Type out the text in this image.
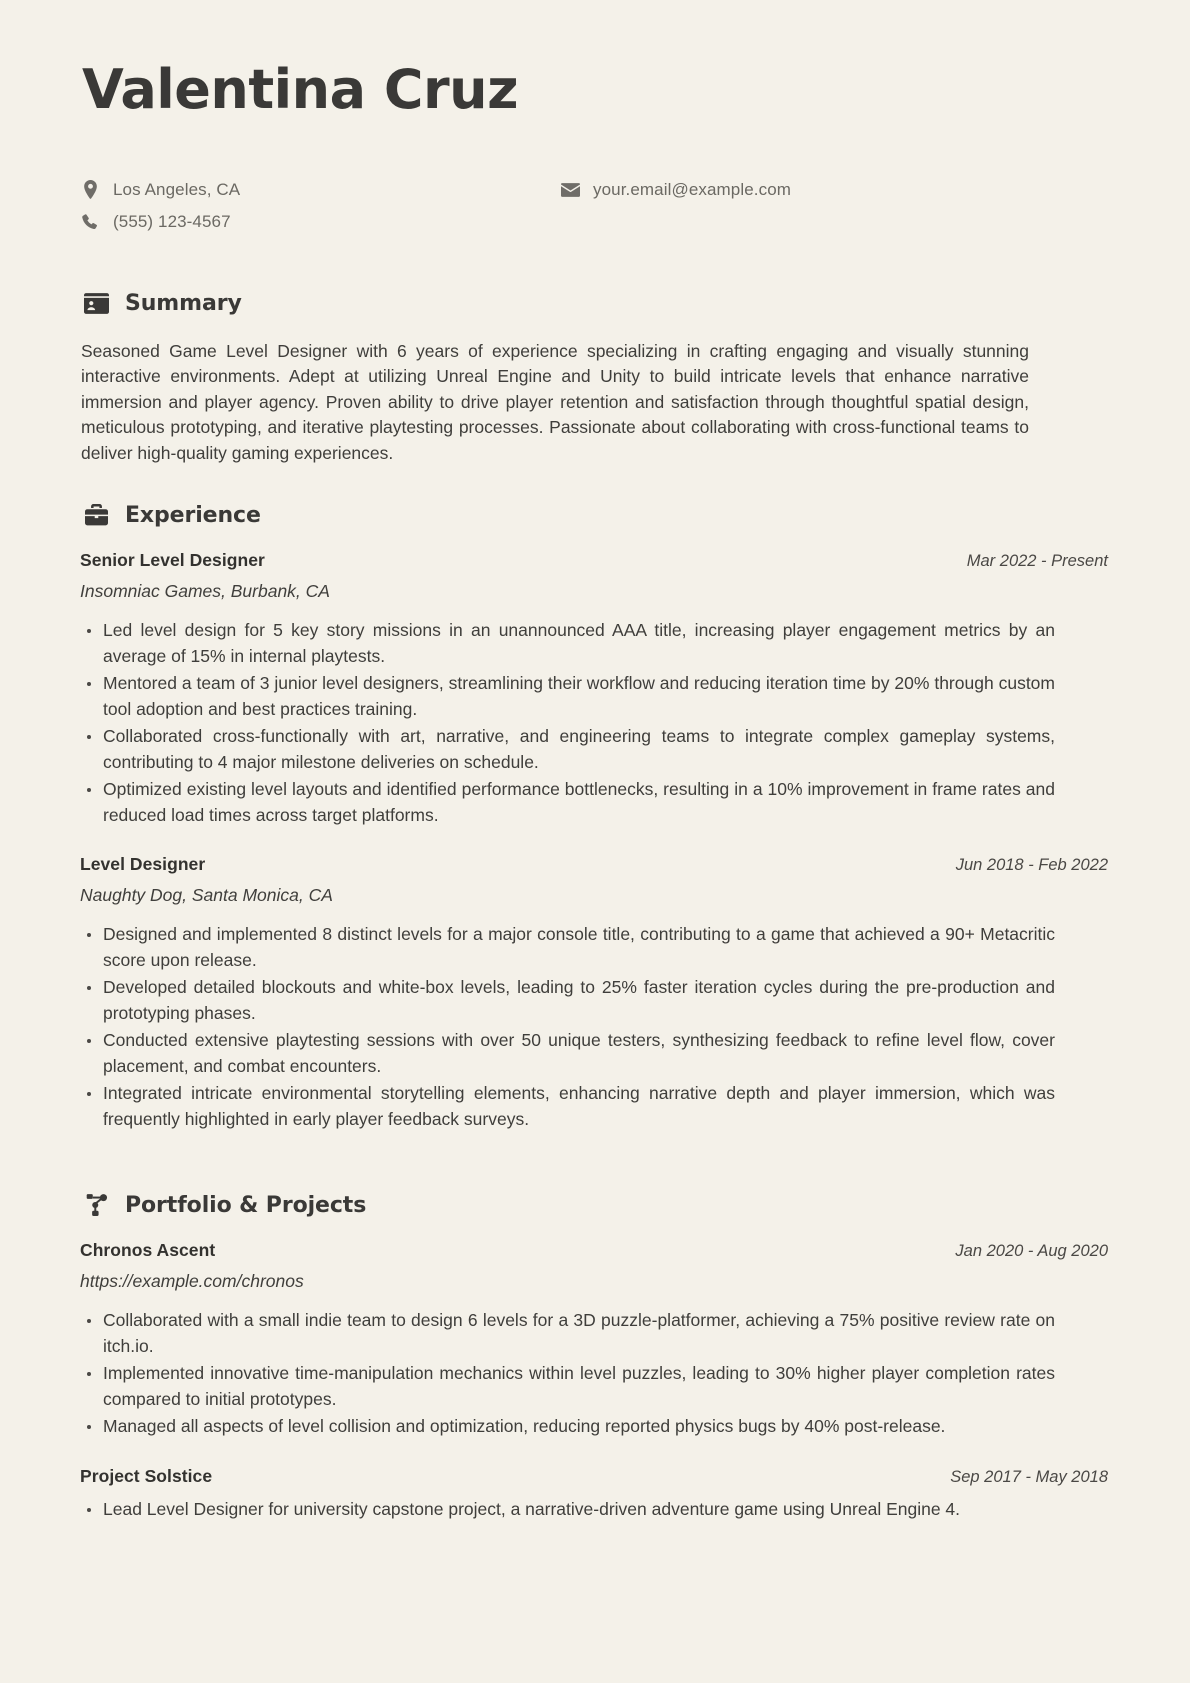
Valentina Cruz
Los Angeles, CA
(555) 123-4567
your.email@example.com
Summary

Seasoned Game Level Designer with 6 years of experience specializing in crafting engaging and visually stunning interactive environments. Adept at utilizing Unreal Engine and Unity to build intricate levels that enhance narrative immersion and player agency. Proven ability to drive player retention and satisfaction through thoughtful spatial design, meticulous prototyping, and iterative playtesting processes. Passionate about collaborating with cross-functional teams to deliver high-quality gaming experiences.

Experience
Senior Level Designer	Mar 2022 - Present
Insomniac Games, Burbank, CA
Led level design for 5 key story missions in an unannounced AAA title, increasing player engagement metrics by an average of 15% in internal playtests.
Mentored a team of 3 junior level designers, streamlining their workflow and reducing iteration time by 20% through custom tool adoption and best practices training.
Collaborated cross-functionally with art, narrative, and engineering teams to integrate complex gameplay systems, contributing to 4 major milestone deliveries on schedule.
Optimized existing level layouts and identified performance bottlenecks, resulting in a 10% improvement in frame rates and reduced load times across target platforms.
Level Designer	Jun 2018 - Feb 2022
Naughty Dog, Santa Monica, CA
Designed and implemented 8 distinct levels for a major console title, contributing to a game that achieved a 90+ Metacritic score upon release.
Developed detailed blockouts and white-box levels, leading to 25% faster iteration cycles during the pre-production and prototyping phases.
Conducted extensive playtesting sessions with over 50 unique testers, synthesizing feedback to refine level flow, cover placement, and combat encounters.
Integrated intricate environmental storytelling elements, enhancing narrative depth and player immersion, which was frequently highlighted in early player feedback surveys.
Portfolio & Projects
Chronos Ascent	Jan 2020 - Aug 2020
https://example.com/chronos
Collaborated with a small indie team to design 6 levels for a 3D puzzle-platformer, achieving a 75% positive review rate on itch.io.
Implemented innovative time-manipulation mechanics within level puzzles, leading to 30% higher player completion rates compared to initial prototypes.
Managed all aspects of level collision and optimization, reducing reported physics bugs by 40% post-release.
Project Solstice	Sep 2017 - May 2018
Lead Level Designer for university capstone project, a narrative-driven adventure game using Unreal Engine 4.
